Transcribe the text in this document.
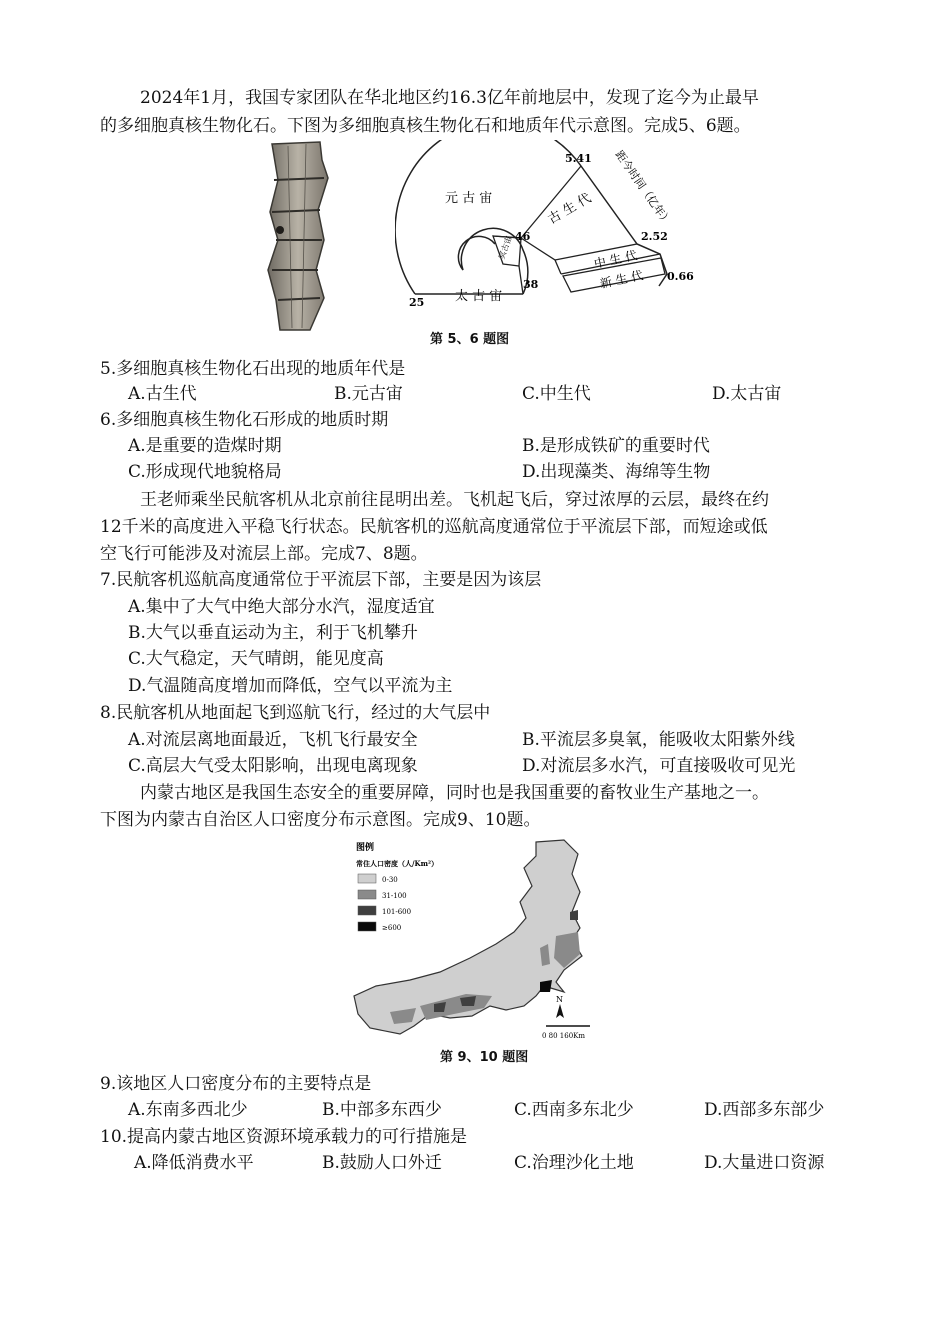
2024年1月，我国专家团队在华北地区约16.3亿年前地层中，发现了迄今为止最早
的多细胞真核生物化石。下图为多细胞真核生物化石和地质年代示意图。完成5、6题。
元 古 宙
太 古 宙
冥古宙
古 生 代
中 生 代
新 生 代
5.41
2.52
0.66
46
38
25
距今时间（亿年）
第 5、6 题图
5.多细胞真核生物化石出现的地质年代是
A.古生代	B.元古宙	C.中生代	D.太古宙
6.多细胞真核生物化石形成的地质时期
A.是重要的造煤时期	B.是形成铁矿的重要时代
C.形成现代地貌格局	D.出现藻类、海绵等生物
王老师乘坐民航客机从北京前往昆明出差。飞机起飞后，穿过浓厚的云层，最终在约
12千米的高度进入平稳飞行状态。民航客机的巡航高度通常位于平流层下部，而短途或低
空飞行可能涉及对流层上部。完成7、8题。
7.民航客机巡航高度通常位于平流层下部，主要是因为该层
A.集中了大气中绝大部分水汽，湿度适宜
B.大气以垂直运动为主，利于飞机攀升
C.大气稳定，天气晴朗，能见度高
D.气温随高度增加而降低，空气以平流为主
8.民航客机从地面起飞到巡航飞行，经过的大气层中
A.对流层离地面最近，飞机飞行最安全	B.平流层多臭氧，能吸收太阳紫外线
C.高层大气受太阳影响，出现电离现象	D.对流层多水汽，可直接吸收可见光
内蒙古地区是我国生态安全的重要屏障，同时也是我国重要的畜牧业生产基地之一。
下图为内蒙古自治区人口密度分布示意图。完成9、10题。
图例
常住人口密度（人/Km²）
0-30
31-100
101-600
≥600
N
0 80 160Km
第 9、10 题图
9.该地区人口密度分布的主要特点是
A.东南多西北少	B.中部多东西少	C.西南多东北少	D.西部多东部少
10.提高内蒙古地区资源环境承载力的可行措施是
A.降低消费水平	B.鼓励人口外迁	C.治理沙化土地	D.大量进口资源
